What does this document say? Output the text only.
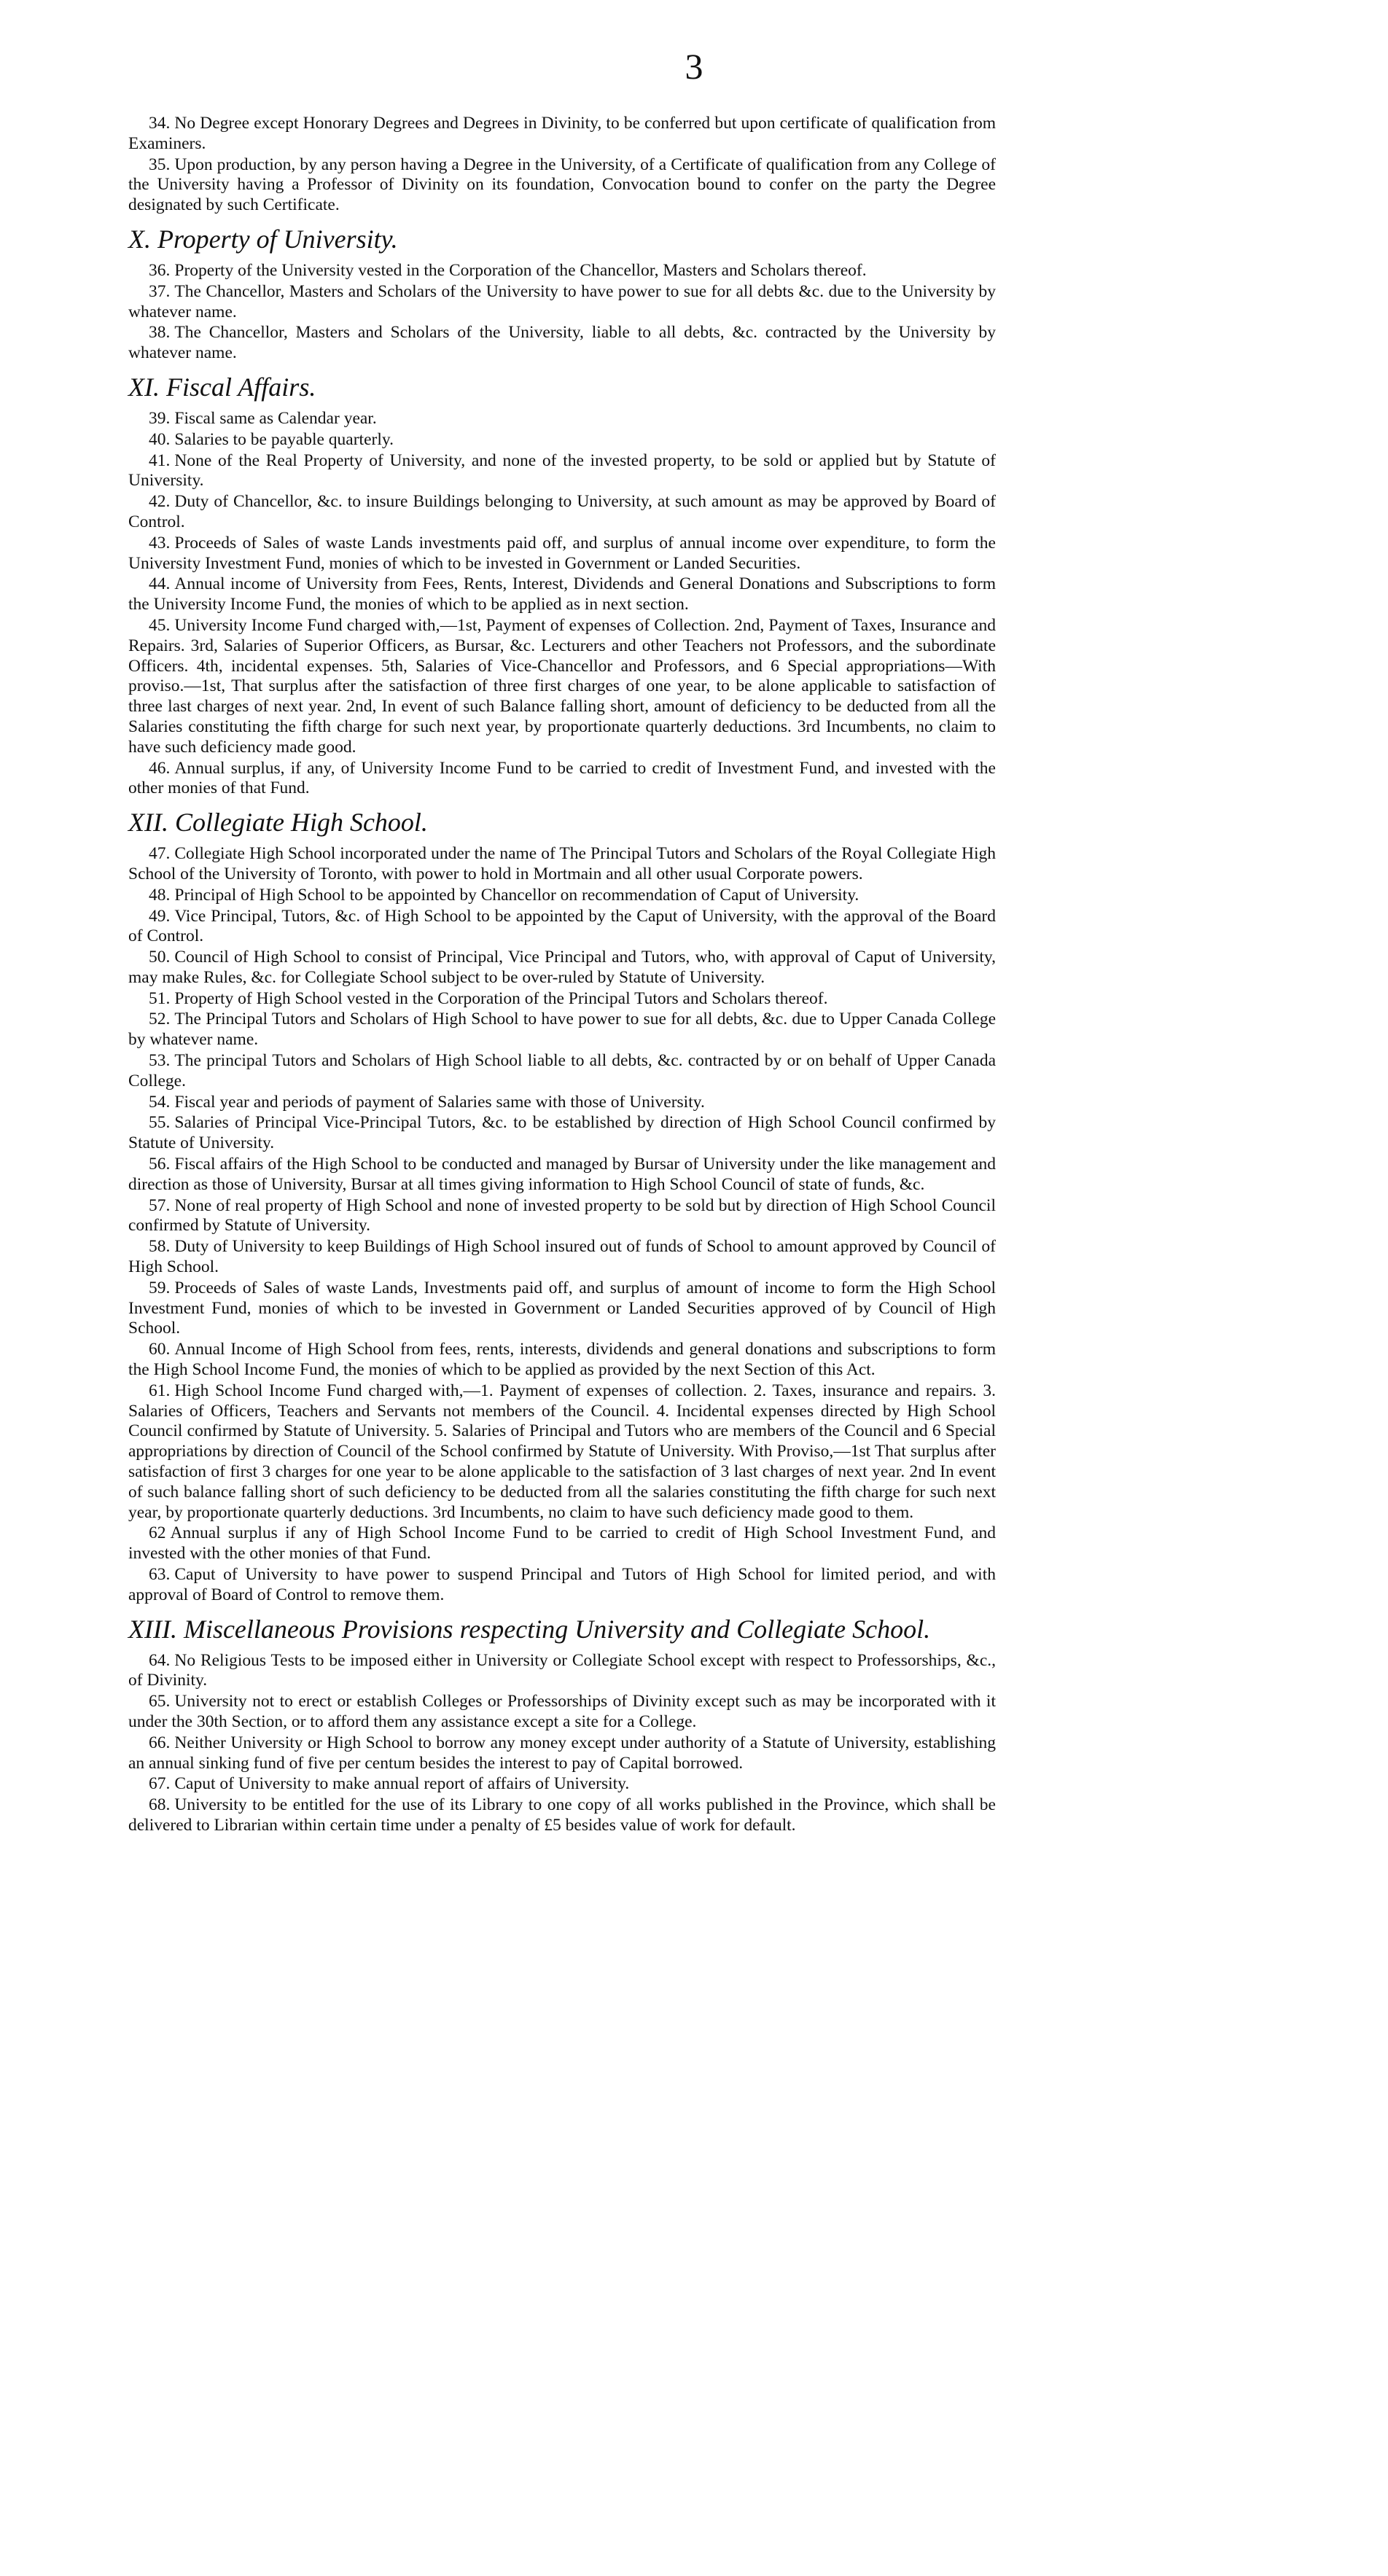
3

34. No Degree except Honorary Degrees and Degrees in Divinity, to be conferred but upon certificate of qualification from Examiners.

35. Upon production, by any person having a Degree in the University, of a Certificate of qualification from any College of the University having a Professor of Divinity on its foundation, Convocation bound to confer on the party the Degree designated by such Certificate.

X. Property of University.

36. Property of the University vested in the Corporation of the Chancellor, Masters and Scholars thereof.

37. The Chancellor, Masters and Scholars of the University to have power to sue for all debts &c. due to the University by whatever name.

38. The Chancellor, Masters and Scholars of the University, liable to all debts, &c. contracted by the University by whatever name.

XI. Fiscal Affairs.

39. Fiscal same as Calendar year.

40. Salaries to be payable quarterly.

41. None of the Real Property of University, and none of the invested property, to be sold or applied but by Statute of University.

42. Duty of Chancellor, &c. to insure Buildings belonging to University, at such amount as may be approved by Board of Control.

43. Proceeds of Sales of waste Lands investments paid off, and surplus of annual income over expenditure, to form the University Investment Fund, monies of which to be invested in Government or Landed Securities.

44. Annual income of University from Fees, Rents, Interest, Dividends and General Donations and Subscriptions to form the University Income Fund, the monies of which to be applied as in next section.

45. University Income Fund charged with,—1st, Payment of expenses of Collection. 2nd, Payment of Taxes, Insurance and Repairs. 3rd, Salaries of Superior Officers, as Bursar, &c. Lecturers and other Teachers not Professors, and the subordinate Officers. 4th, incidental expenses. 5th, Salaries of Vice-Chancellor and Professors, and 6 Special appropriations—With proviso.—1st, That surplus after the satisfaction of three first charges of one year, to be alone applicable to satisfaction of three last charges of next year. 2nd, In event of such Balance falling short, amount of deficiency to be deducted from all the Salaries constituting the fifth charge for such next year, by proportionate quarterly deductions. 3rd Incumbents, no claim to have such deficiency made good.

46. Annual surplus, if any, of University Income Fund to be carried to credit of Investment Fund, and invested with the other monies of that Fund.

XII. Collegiate High School.

47. Collegiate High School incorporated under the name of The Principal Tutors and Scholars of the Royal Collegiate High School of the University of Toronto, with power to hold in Mortmain and all other usual Corporate powers.

48. Principal of High School to be appointed by Chancellor on recommendation of Caput of University.

49. Vice Principal, Tutors, &c. of High School to be appointed by the Caput of University, with the approval of the Board of Control.

50. Council of High School to consist of Principal, Vice Principal and Tutors, who, with approval of Caput of University, may make Rules, &c. for Collegiate School subject to be over-ruled by Statute of University.

51. Property of High School vested in the Corporation of the Principal Tutors and Scholars thereof.

52. The Principal Tutors and Scholars of High School to have power to sue for all debts, &c. due to Upper Canada College by whatever name.

53. The principal Tutors and Scholars of High School liable to all debts, &c. contracted by or on behalf of Upper Canada College.

54. Fiscal year and periods of payment of Salaries same with those of University.

55. Salaries of Principal Vice-Principal Tutors, &c. to be established by direction of High School Council confirmed by Statute of University.

56. Fiscal affairs of the High School to be conducted and managed by Bursar of University under the like management and direction as those of University, Bursar at all times giving information to High School Council of state of funds, &c.

57. None of real property of High School and none of invested property to be sold but by direction of High School Council confirmed by Statute of University.

58. Duty of University to keep Buildings of High School insured out of funds of School to amount approved by Council of High School.

59. Proceeds of Sales of waste Lands, Investments paid off, and surplus of amount of income to form the High School Investment Fund, monies of which to be invested in Government or Landed Securities approved of by Council of High School.

60. Annual Income of High School from fees, rents, interests, dividends and general donations and subscriptions to form the High School Income Fund, the monies of which to be applied as provided by the next Section of this Act.

61. High School Income Fund charged with,—1. Payment of expenses of collection. 2. Taxes, insurance and repairs. 3. Salaries of Officers, Teachers and Servants not members of the Council. 4. Incidental expenses directed by High School Council confirmed by Statute of University. 5. Salaries of Principal and Tutors who are members of the Council and 6 Special appropriations by direction of Council of the School confirmed by Statute of University. With Proviso,—1st That surplus after satisfaction of first 3 charges for one year to be alone applicable to the satisfaction of 3 last charges of next year. 2nd In event of such balance falling short of such deficiency to be deducted from all the salaries constituting the fifth charge for such next year, by proportionate quarterly deductions. 3rd Incumbents, no claim to have such deficiency made good to them.

62 Annual surplus if any of High School Income Fund to be carried to credit of High School Investment Fund, and invested with the other monies of that Fund.

63. Caput of University to have power to suspend Principal and Tutors of High School for limited period, and with approval of Board of Control to remove them.

XIII. Miscellaneous Provisions respecting University and Collegiate School.

64. No Religious Tests to be imposed either in University or Collegiate School except with respect to Professorships, &c., of Divinity.

65. University not to erect or establish Colleges or Professorships of Divinity except such as may be incorporated with it under the 30th Section, or to afford them any assistance except a site for a College.

66. Neither University or High School to borrow any money except under authority of a Statute of University, establishing an annual sinking fund of five per centum besides the interest to pay of Capital borrowed.

67. Caput of University to make annual report of affairs of University.

68. University to be entitled for the use of its Library to one copy of all works published in the Province, which shall be delivered to Librarian within certain time under a penalty of £5 besides value of work for default.
